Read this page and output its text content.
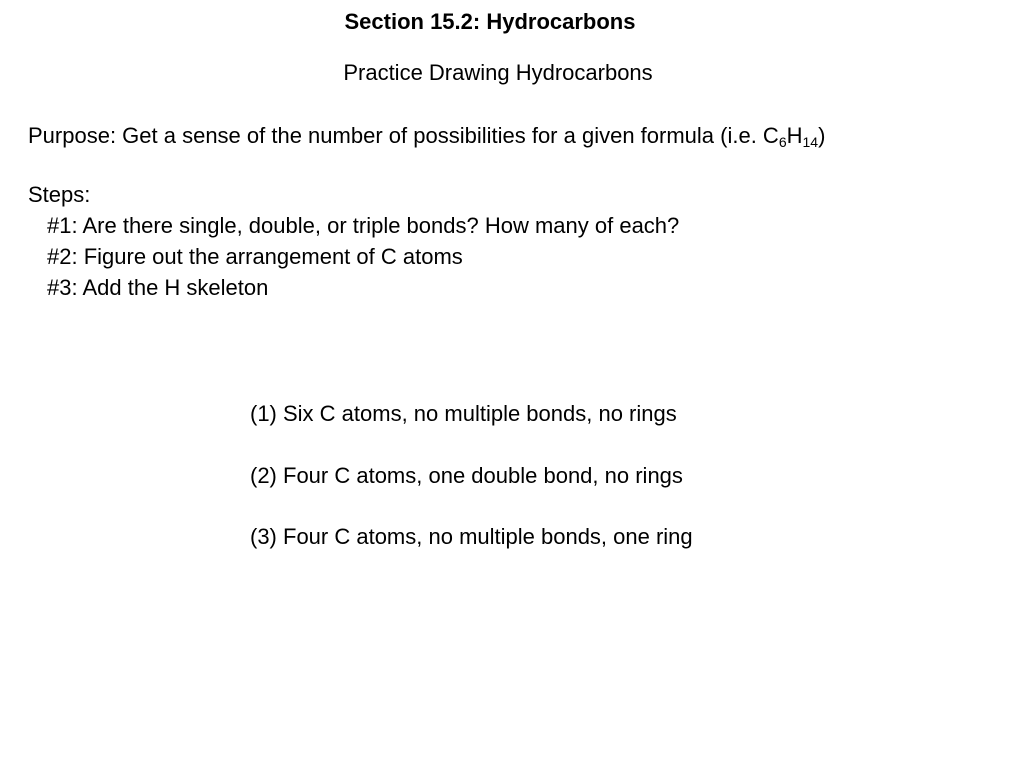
Section 15.2: Hydrocarbons
Practice Drawing Hydrocarbons
Purpose: Get a sense of the number of possibilities for a given formula (i.e. $C_6H_{14}$)
Steps:
#1: Are there single, double, or triple bonds? How many of each?
#2: Figure out the arrangement of C atoms
#3: Add the H skeleton
(1) Six C atoms, no multiple bonds, no rings
(2) Four C atoms, one double bond, no rings
(3) Four C atoms, no multiple bonds, one ring
